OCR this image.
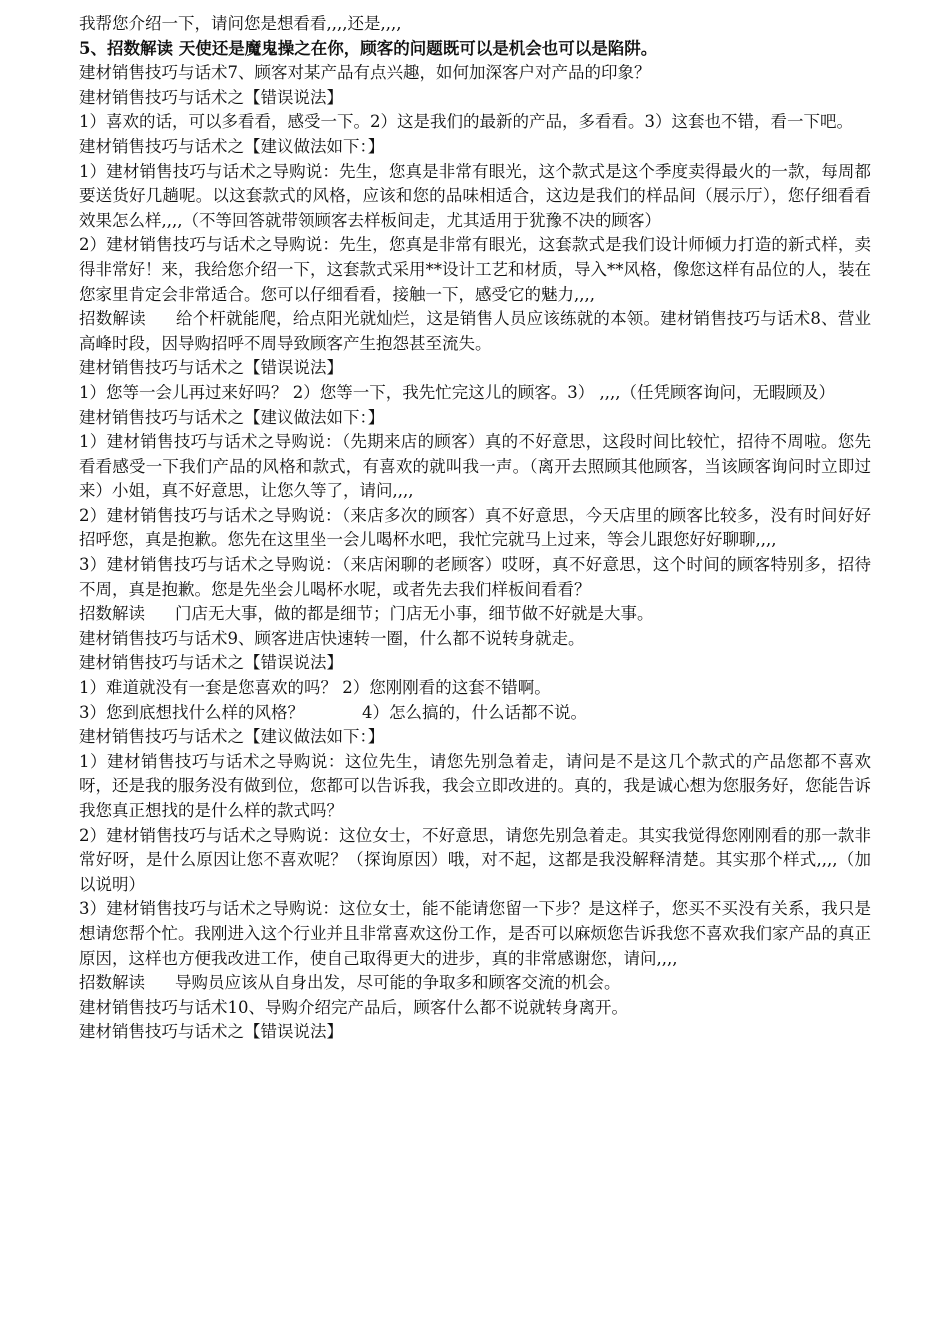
我帮您介绍一下，请问您是想看看,,,,还是,,,,

5、招数解读 天使还是魔鬼操之在你，顾客的问题既可以是机会也可以是陷阱。

建材销售技巧与话术7、顾客对某产品有点兴趣，如何加深客户对产品的印象？

建材销售技巧与话术之【错误说法】

1）喜欢的话，可以多看看，感受一下。2）这是我们的最新的产品，多看看。3）这套也不错，看一下吧。

建材销售技巧与话术之【建议做法如下：】

1）建材销售技巧与话术之导购说：先生，您真是非常有眼光，这个款式是这个季度卖得最火的一款，每周都要送货好几趟呢。以这套款式的风格，应该和您的品味相适合，这边是我们的样品间（展示厅），您仔细看看效果怎么样,,,,（不等回答就带领顾客去样板间走，尤其适用于犹豫不决的顾客）

2）建材销售技巧与话术之导购说：先生，您真是非常有眼光，这套款式是我们设计师倾力打造的新式样，卖得非常好！来，我给您介绍一下，这套款式采用**设计工艺和材质，导入**风格，像您这样有品位的人，装在您家里肯定会非常适合。您可以仔细看看，接触一下，感受它的魅力,,,,

招数解读 给个杆就能爬，给点阳光就灿烂，这是销售人员应该练就的本领。建材销售技巧与话术8、营业高峰时段，因导购招呼不周导致顾客产生抱怨甚至流失。

建材销售技巧与话术之【错误说法】

1）您等一会儿再过来好吗？ 2）您等一下，我先忙完这儿的顾客。3） ,,,,（任凭顾客询问，无暇顾及）

建材销售技巧与话术之【建议做法如下：】

1）建材销售技巧与话术之导购说：（先期来店的顾客）真的不好意思，这段时间比较忙，招待不周啦。您先看看感受一下我们产品的风格和款式，有喜欢的就叫我一声。（离开去照顾其他顾客，当该顾客询问时立即过来）小姐，真不好意思，让您久等了，请问,,,,

2）建材销售技巧与话术之导购说：（来店多次的顾客）真不好意思，今天店里的顾客比较多，没有时间好好招呼您，真是抱歉。您先在这里坐一会儿喝杯水吧，我忙完就马上过来，等会儿跟您好好聊聊,,,,

3）建材销售技巧与话术之导购说：（来店闲聊的老顾客）哎呀，真不好意思，这个时间的顾客特别多，招待不周，真是抱歉。您是先坐会儿喝杯水呢，或者先去我们样板间看看？

招数解读 门店无大事，做的都是细节；门店无小事，细节做不好就是大事。

建材销售技巧与话术9、顾客进店快速转一圈，什么都不说转身就走。

建材销售技巧与话术之【错误说法】

1）难道就没有一套是您喜欢的吗？ 2）您刚刚看的这套不错啊。

3）您到底想找什么样的风格？	4）怎么搞的，什么话都不说。

建材销售技巧与话术之【建议做法如下：】

1）建材销售技巧与话术之导购说：这位先生，请您先别急着走，请问是不是这几个款式的产品您都不喜欢呀，还是我的服务没有做到位，您都可以告诉我，我会立即改进的。真的，我是诚心想为您服务好，您能告诉我您真正想找的是什么样的款式吗？

2）建材销售技巧与话术之导购说：这位女士，不好意思，请您先别急着走。其实我觉得您刚刚看的那一款非常好呀，是什么原因让您不喜欢呢？（探询原因）哦，对不起，这都是我没解释清楚。其实那个样式,,,,（加以说明）

3）建材销售技巧与话术之导购说：这位女士，能不能请您留一下步？是这样子，您买不买没有关系，我只是想请您帮个忙。我刚进入这个行业并且非常喜欢这份工作，是否可以麻烦您告诉我您不喜欢我们家产品的真正原因，这样也方便我改进工作，使自己取得更大的进步，真的非常感谢您，请问,,,,

招数解读 导购员应该从自身出发，尽可能的争取多和顾客交流的机会。

建材销售技巧与话术10、导购介绍完产品后，顾客什么都不说就转身离开。

建材销售技巧与话术之【错误说法】
